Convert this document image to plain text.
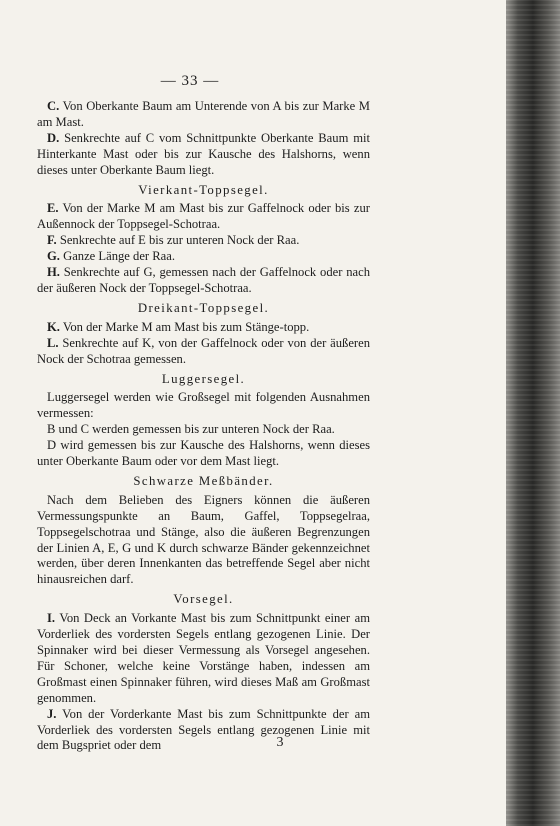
— 33 —

C. Von Oberkante Baum am Unterende von A bis zur Marke M am Mast.

D. Senkrechte auf C vom Schnittpunkte Oberkante Baum mit Hinterkante Mast oder bis zur Kausche des Halshorns, wenn dieses unter Oberkante Baum liegt.

Vierkant-Toppsegel.

E. Von der Marke M am Mast bis zur Gaffelnock oder bis zur Außennock der Toppsegel-Schotraa.

F. Senkrechte auf E bis zur unteren Nock der Raa.

G. Ganze Länge der Raa.

H. Senkrechte auf G, gemessen nach der Gaffelnock oder nach der äußeren Nock der Toppsegel-Schotraa.

Dreikant-Toppsegel.

K. Von der Marke M am Mast bis zum Stänge-topp.

L. Senkrechte auf K, von der Gaffelnock oder von der äußeren Nock der Schotraa gemessen.

Luggersegel.

Luggersegel werden wie Großsegel mit folgenden Ausnahmen vermessen:

B und C werden gemessen bis zur unteren Nock der Raa.

D wird gemessen bis zur Kausche des Halshorns, wenn dieses unter Oberkante Baum oder vor dem Mast liegt.

Schwarze Meßbänder.

Nach dem Belieben des Eigners können die äußeren Vermessungspunkte an Baum, Gaffel, Toppsegelraa, Toppsegelschotraa und Stänge, also die äußeren Begrenzungen der Linien A, E, G und K durch schwarze Bänder gekennzeichnet werden, über deren Innenkanten das betreffende Segel aber nicht hinausreichen darf.

Vorsegel.

I. Von Deck an Vorkante Mast bis zum Schnittpunkt einer am Vorderliek des vordersten Segels entlang gezogenen Linie. Der Spinnaker wird bei dieser Vermessung als Vorsegel angesehen. Für Schoner, welche keine Vorstänge haben, indessen am Großmast einen Spinnaker führen, wird dieses Maß am Großmast genommen.

J. Von der Vorderkante Mast bis zum Schnittpunkte der am Vorderliek des vordersten Segels entlang gezogenen Linie mit dem Bugspriet oder dem	3
